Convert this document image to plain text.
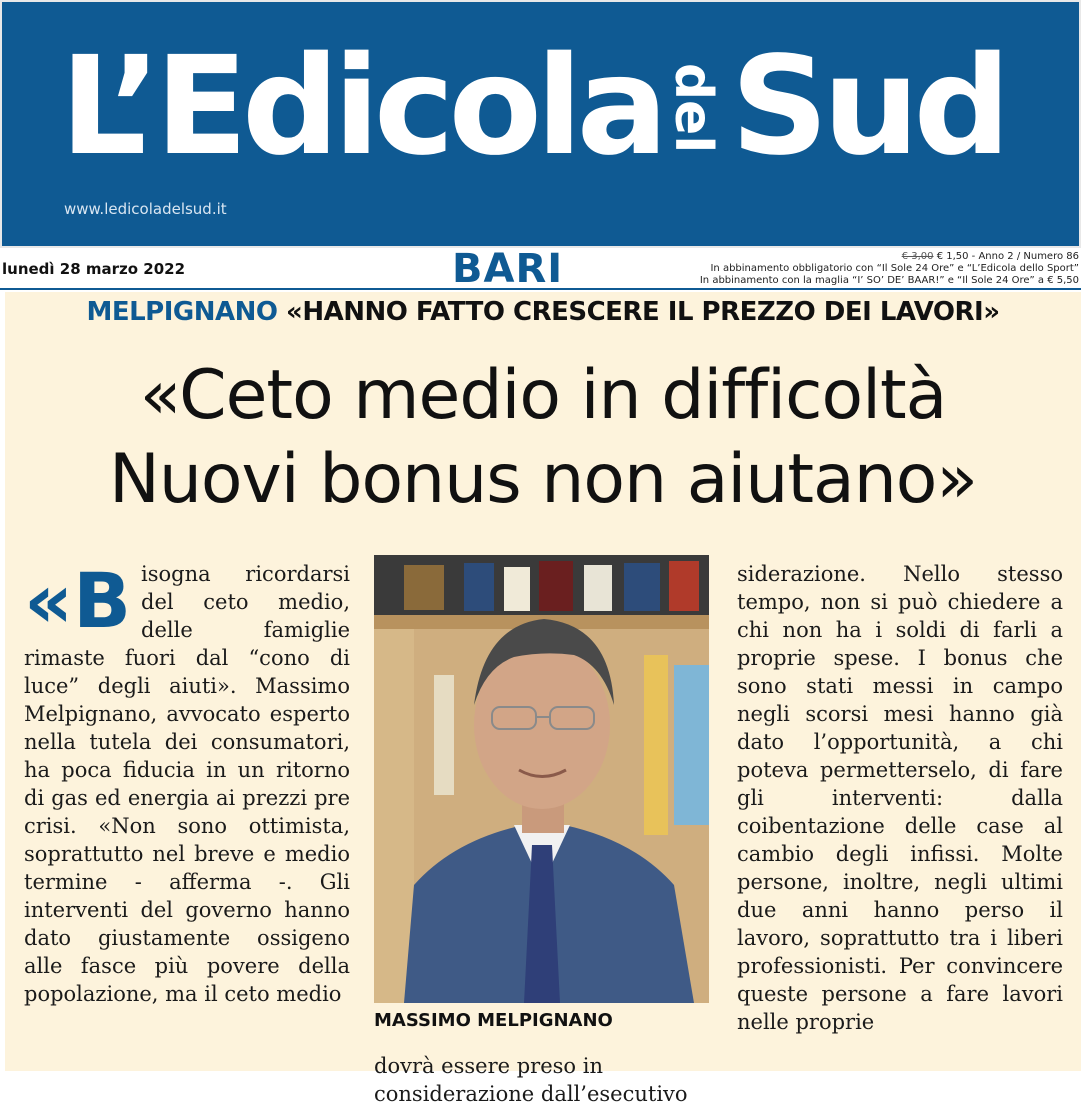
L’EdicoladelSud
www.ledicoladelsud.it
lunedì 28 marzo 2022	BARI	€ 3,00 € 1,50 - Anno 2 / Numero 86
In abbinamento obbligatorio con “Il Sole 24 Ore” e “L’Edicola dello Sport”
In abbinamento con la maglia “I’ SO’ DE’ BAAR!” e “Il Sole 24 Ore” a € 5,50
MELPIGNANO «HANNO FATTO CRESCERE IL PREZZO DEI LAVORI»
«Ceto medio in difficoltà
Nuovi bonus non aiutano»
«Bisogna ricordarsi del ceto medio, delle famiglie rimaste fuori dal “cono di luce” degli aiuti». Massimo Melpignano, avvocato esperto nella tutela dei consumatori, ha poca fiducia in un ritorno di gas ed energia ai prezzi pre crisi. «Non sono ottimista, soprattutto nel breve e medio termine - afferma -. Gli interventi del governo hanno dato giustamente ossigeno alle fasce più povere della popolazione, ma il ceto medio
MASSIMO MELPIGNANO
dovrà essere preso in considerazione dall’esecutivo
siderazione. Nello stesso tempo, non si può chiedere a chi non ha i soldi di farli a proprie spese. I bonus che sono stati messi in campo negli scorsi mesi hanno già dato l’opportunità, a chi poteva permetterselo, di fare gli interventi: dalla coibentazione delle case al cambio degli infissi. Molte persone, inoltre, negli ultimi due anni hanno perso il lavoro, soprattutto tra i liberi professionisti. Per convincere queste persone a fare lavori nelle proprie
